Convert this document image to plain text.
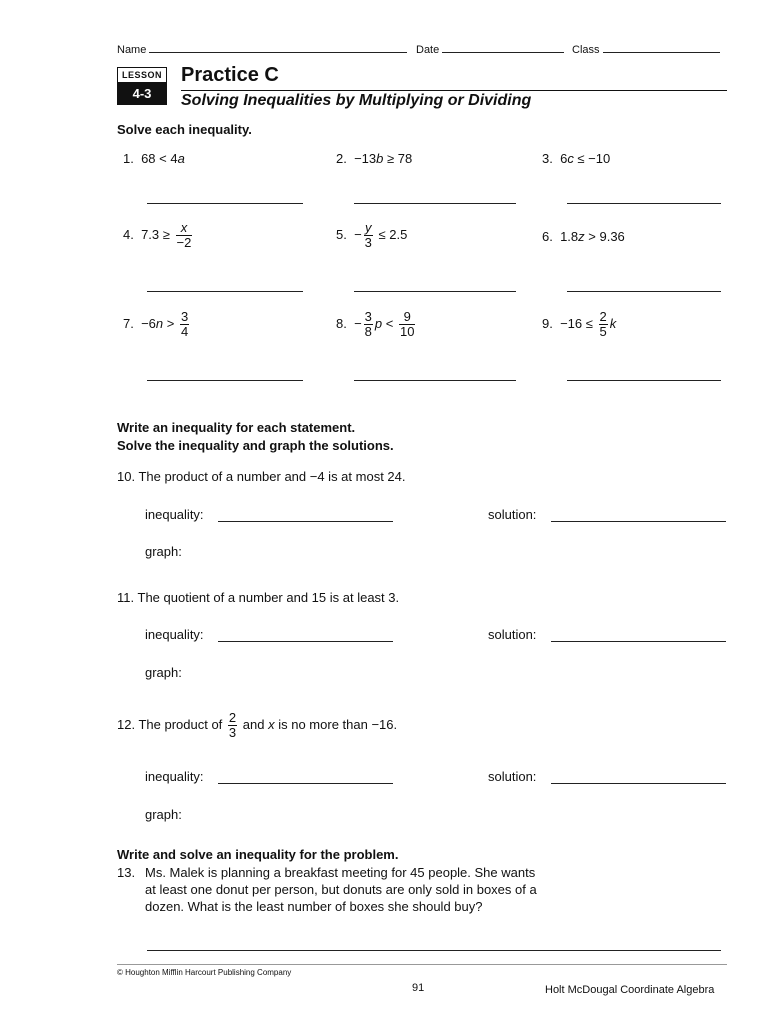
Name	Date	Class
LESSON
4-3
Practice C
Solving Inequalities by Multiplying or Dividing
Solve each inequality.
1. 68 < 4a	2. −13b ≥ 78	3. 6c ≤ −10
4. $7.3 \ge \frac{x}{-2}$	5. − $\frac{y}{3} \le 2.5$	6. 1.8z > 9.36
7. $-6n > \frac{3}{4}$	8. − $\frac{3}{8}$ $p < \frac{9}{10}$	9. $-16 \le \frac{2}{5}$ k
Write an inequality for each statement.
Solve the inequality and graph the solutions.
10. The product of a number and −4 is at most 24.
inequality:	solution:
graph:
11. The quotient of a number and 15 is at least 3.
inequality:	solution:
graph:
12. The product of $\frac{2}{3}$ and x is no more than −16.
inequality:	solution:
graph:
Write and solve an inequality for the problem.
13. Ms. Malek is planning a breakfast meeting for 45 people. She wants
at least one donut per person, but donuts are only sold in boxes of a
dozen. What is the least number of boxes she should buy?
© Houghton Mifflin Harcourt Publishing Company
91	Holt McDougal Coordinate Algebra
